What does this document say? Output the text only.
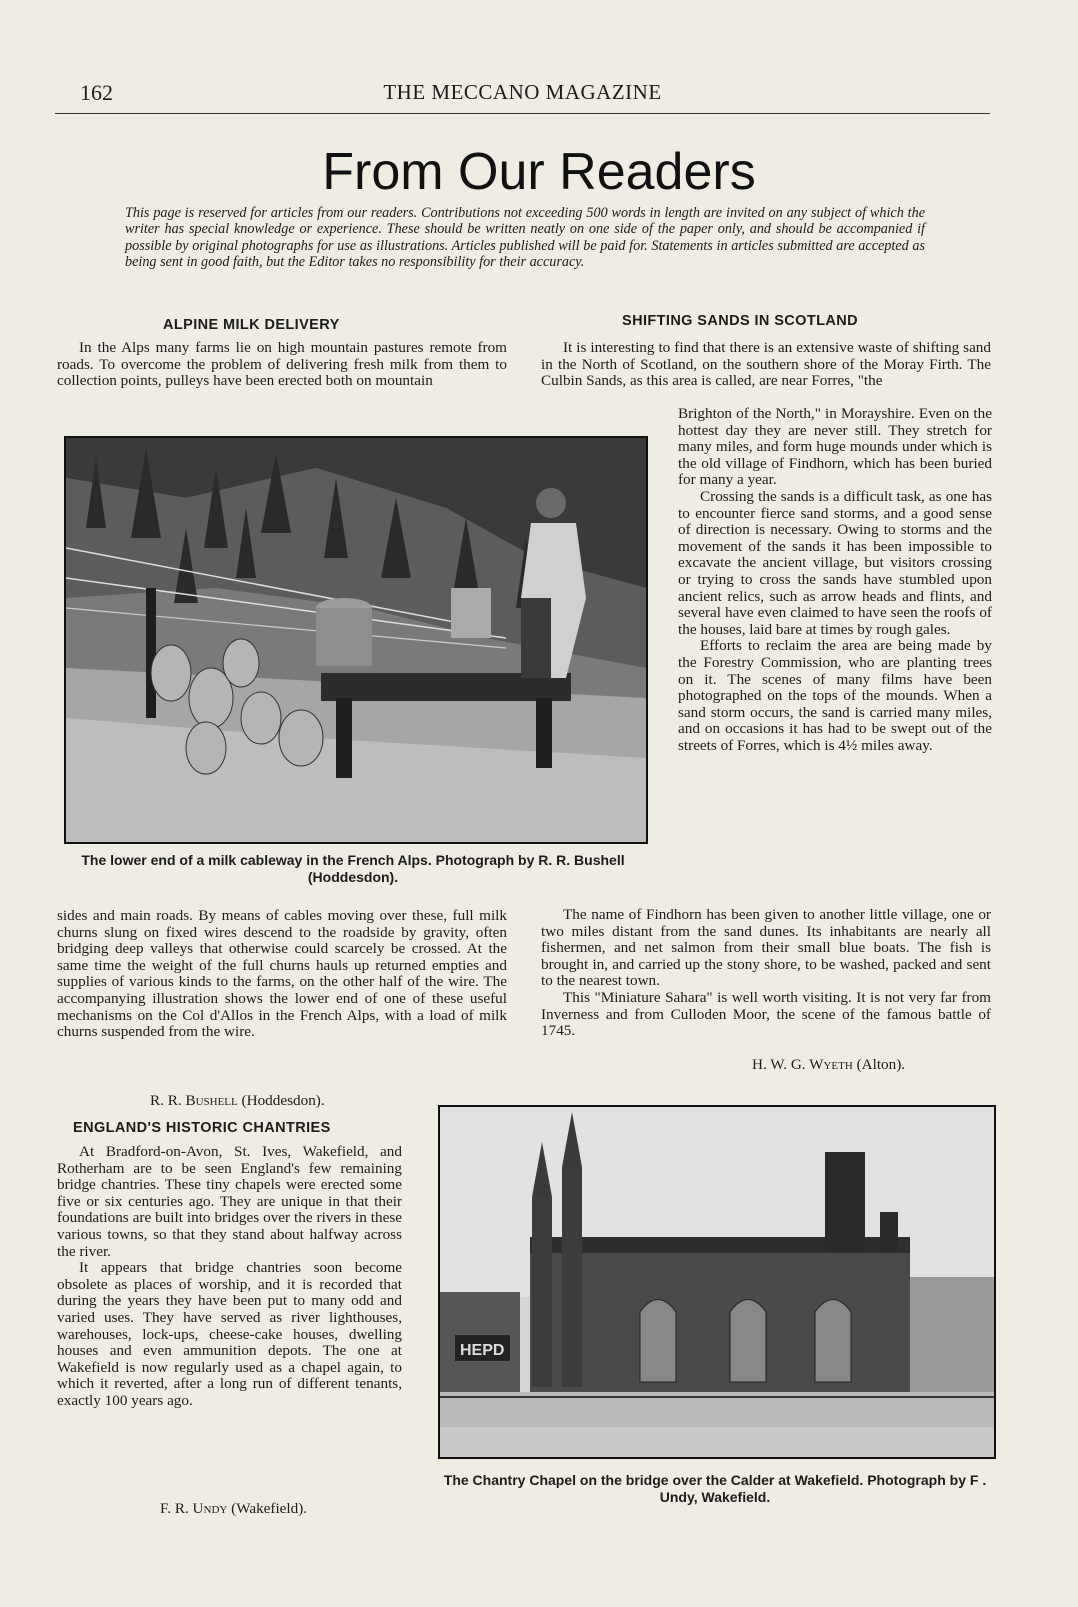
162	THE MECCANO MAGAZINE
From Our Readers
This page is reserved for articles from our readers. Contributions not exceeding 500 words in length are invited on any subject of which the writer has special knowledge or experience. These should be written neatly on one side of the paper only, and should be accompanied if possible by original photographs for use as illustrations. Articles published will be paid for. Statements in articles submitted are accepted as being sent in good faith, but the Editor takes no responsibility for their accuracy.
ALPINE MILK DELIVERY

In the Alps many farms lie on high mountain pastures remote from roads. To overcome the problem of delivering fresh milk from them to collection points, pulleys have been erected both on mountain

The lower end of a milk cableway in the French Alps. Photograph by R. R. Bushell (Hoddesdon).

sides and main roads. By means of cables moving over these, full milk churns slung on fixed wires descend to the roadside by gravity, often bridging deep valleys that otherwise could scarcely be crossed. At the same time the weight of the full churns hauls up returned empties and supplies of various kinds to the farms, on the other half of the wire. The accompanying illustration shows the lower end of one of these useful mechanisms on the Col d'Allos in the French Alps, with a load of milk churns suspended from the wire.

R. R. Bushell (Hoddesdon).
ENGLAND'S HISTORIC CHANTRIES

At Bradford-on-Avon, St. Ives, Wakefield, and Rotherham are to be seen England's few remaining bridge chantries. These tiny chapels were erected some five or six centuries ago. They are unique in that their foundations are built into bridges over the rivers in these various towns, so that they stand about halfway across the river.

It appears that bridge chantries soon become obsolete as places of worship, and it is recorded that during the years they have been put to many odd and varied uses. They have served as river lighthouses, warehouses, lock-ups, cheese-cake houses, dwelling houses and even ammunition depots. The one at Wakefield is now regularly used as a chapel again, to which it reverted, after a long run of different tenants, exactly 100 years ago.

F. R. Undy (Wakefield).
HEPD
The Chantry Chapel on the bridge over the Calder at Wakefield. Photograph by F . Undy, Wakefield.
SHIFTING SANDS IN SCOTLAND

It is interesting to find that there is an extensive waste of shifting sand in the North of Scotland, on the southern shore of the Moray Firth. The Culbin Sands, as this area is called, are near Forres, "the

Brighton of the North," in Morayshire. Even on the hottest day they are never still. They stretch for many miles, and form huge mounds under which is the old village of Findhorn, which has been buried for many a year.

Crossing the sands is a difficult task, as one has to encounter fierce sand storms, and a good sense of direction is necessary. Owing to storms and the movement of the sands it has been impossible to excavate the ancient village, but visitors crossing or trying to cross the sands have stumbled upon ancient relics, such as arrow heads and flints, and several have even claimed to have seen the roofs of the houses, laid bare at times by rough gales.

Efforts to reclaim the area are being made by the Forestry Commission, who are planting trees on it. The scenes of many films have been photographed on the tops of the mounds. When a sand storm occurs, the sand is carried many miles, and on occasions it has had to be swept out of the streets of Forres, which is 4½ miles away.

The name of Findhorn has been given to another little village, one or two miles distant from the sand dunes. Its inhabitants are nearly all fishermen, and net salmon from their small blue boats. The fish is brought in, and carried up the stony shore, to be washed, packed and sent to the nearest town.

This "Miniature Sahara" is well worth visiting. It is not very far from Inverness and from Culloden Moor, the scene of the famous battle of 1745.

H. W. G. Wyeth (Alton).
